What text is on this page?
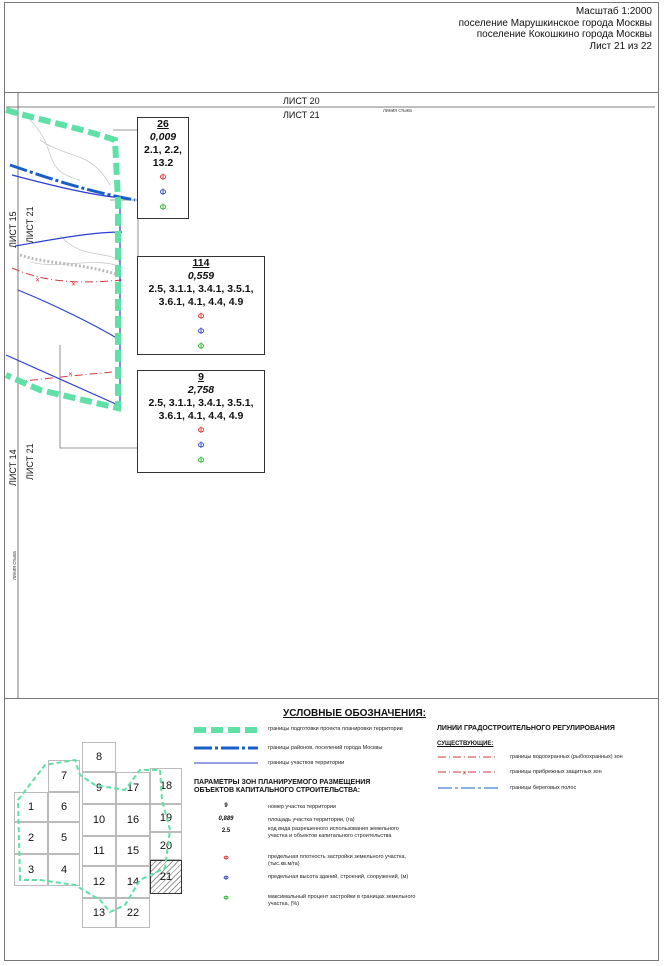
Масштаб 1:2000
поселение Марушкинское города Москвы
поселение Кокошкино города Москвы
Лист 21 из 22
✕
✕
✕
ЛИСТ 20
ЛИСТ 21	линия стыка
ЛИСТ 15 ЛИСТ 21
ЛИСТ 14 ЛИСТ 21
линия стыка
26
0,009
2.1, 2.2,
13.2
Ф
Ф
Ф
114
0,559
2.5, 3.1.1, 3.4.1, 3.5.1,
3.6.1, 4.1, 4.4, 4.9
Ф
Ф
Ф
9
2,758
2.5, 3.1.1, 3.4.1, 3.5.1,
3.6.1, 4.1, 4.4, 4.9
Ф
Ф
Ф
УСЛОВНЫЕ ОБОЗНАЧЕНИЯ:
границы подготовки проекта планировки территории
границы районов, поселений города Москвы
границы участков территории
ПАРАМЕТРЫ ЗОН ПЛАНИРУЕМОГО РАЗМЕЩЕНИЯ ОБЪЕКТОВ КАПИТАЛЬНОГО СТРОИТЕЛЬСТВА:
9	номер участка территории
0,889	площадь участка территории, (га)
2.5	код вида разрешенного использования земельного участка и объектов капитального строительства
Ф	предельная плотность застройки земельного участка, (тыс.кв.м/га)
Ф	предельная высота зданий, строений, сооружений, (м)
Ф	максимальный процент застройки в границах земельного участка, (%)
ЛИНИИ ГРАДОСТРОИТЕЛЬНОГО РЕГУЛИРОВАНИЯ
СУЩЕСТВУЮЩИЕ:
✕
границы водоохранных (рыбоохранных) зон
границы прибрежных защитных зон
границы береговых полос
1
2
3	4
5
6
7
8
9
10
11
12
13
14
15
16
17	18
19
20
21
22
